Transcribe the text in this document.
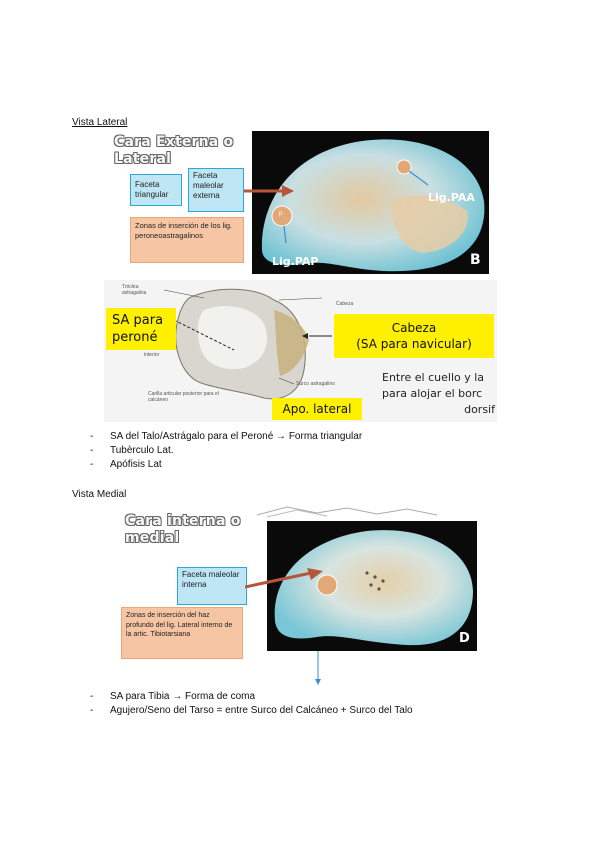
Vista Lateral
Cara Externa o
Lateral
Faceta triangular
Faceta maleolar externa
Zonas de inserción de los lig. peroneoastragalinos
p
Lig.PAA
Lig.PAP	B
Tróclea astragalina
Cabeza
Surco astragalino
Carilla articular posterior para el calcáneo
interior
SA para peroné
Cabeza
(SA para navicular)
Apo. lateral
Entre el cuello y la
para alojar el borc
dorsif
- SA del Talo/Astrágalo para el Peroné → Forma triangular
- Tubèrculo Lat.
- Apófisis Lat
Vista Medial
Cara interna o
medial
Faceta maleolar interna
Zonas de inserción del haz profundo del lig. Lateral interno de la artic. Tibiotarsiana	D
- SA para Tibia → Forma de coma
- Agujero/Seno del Tarso = entre Surco del Calcáneo + Surco del Talo
